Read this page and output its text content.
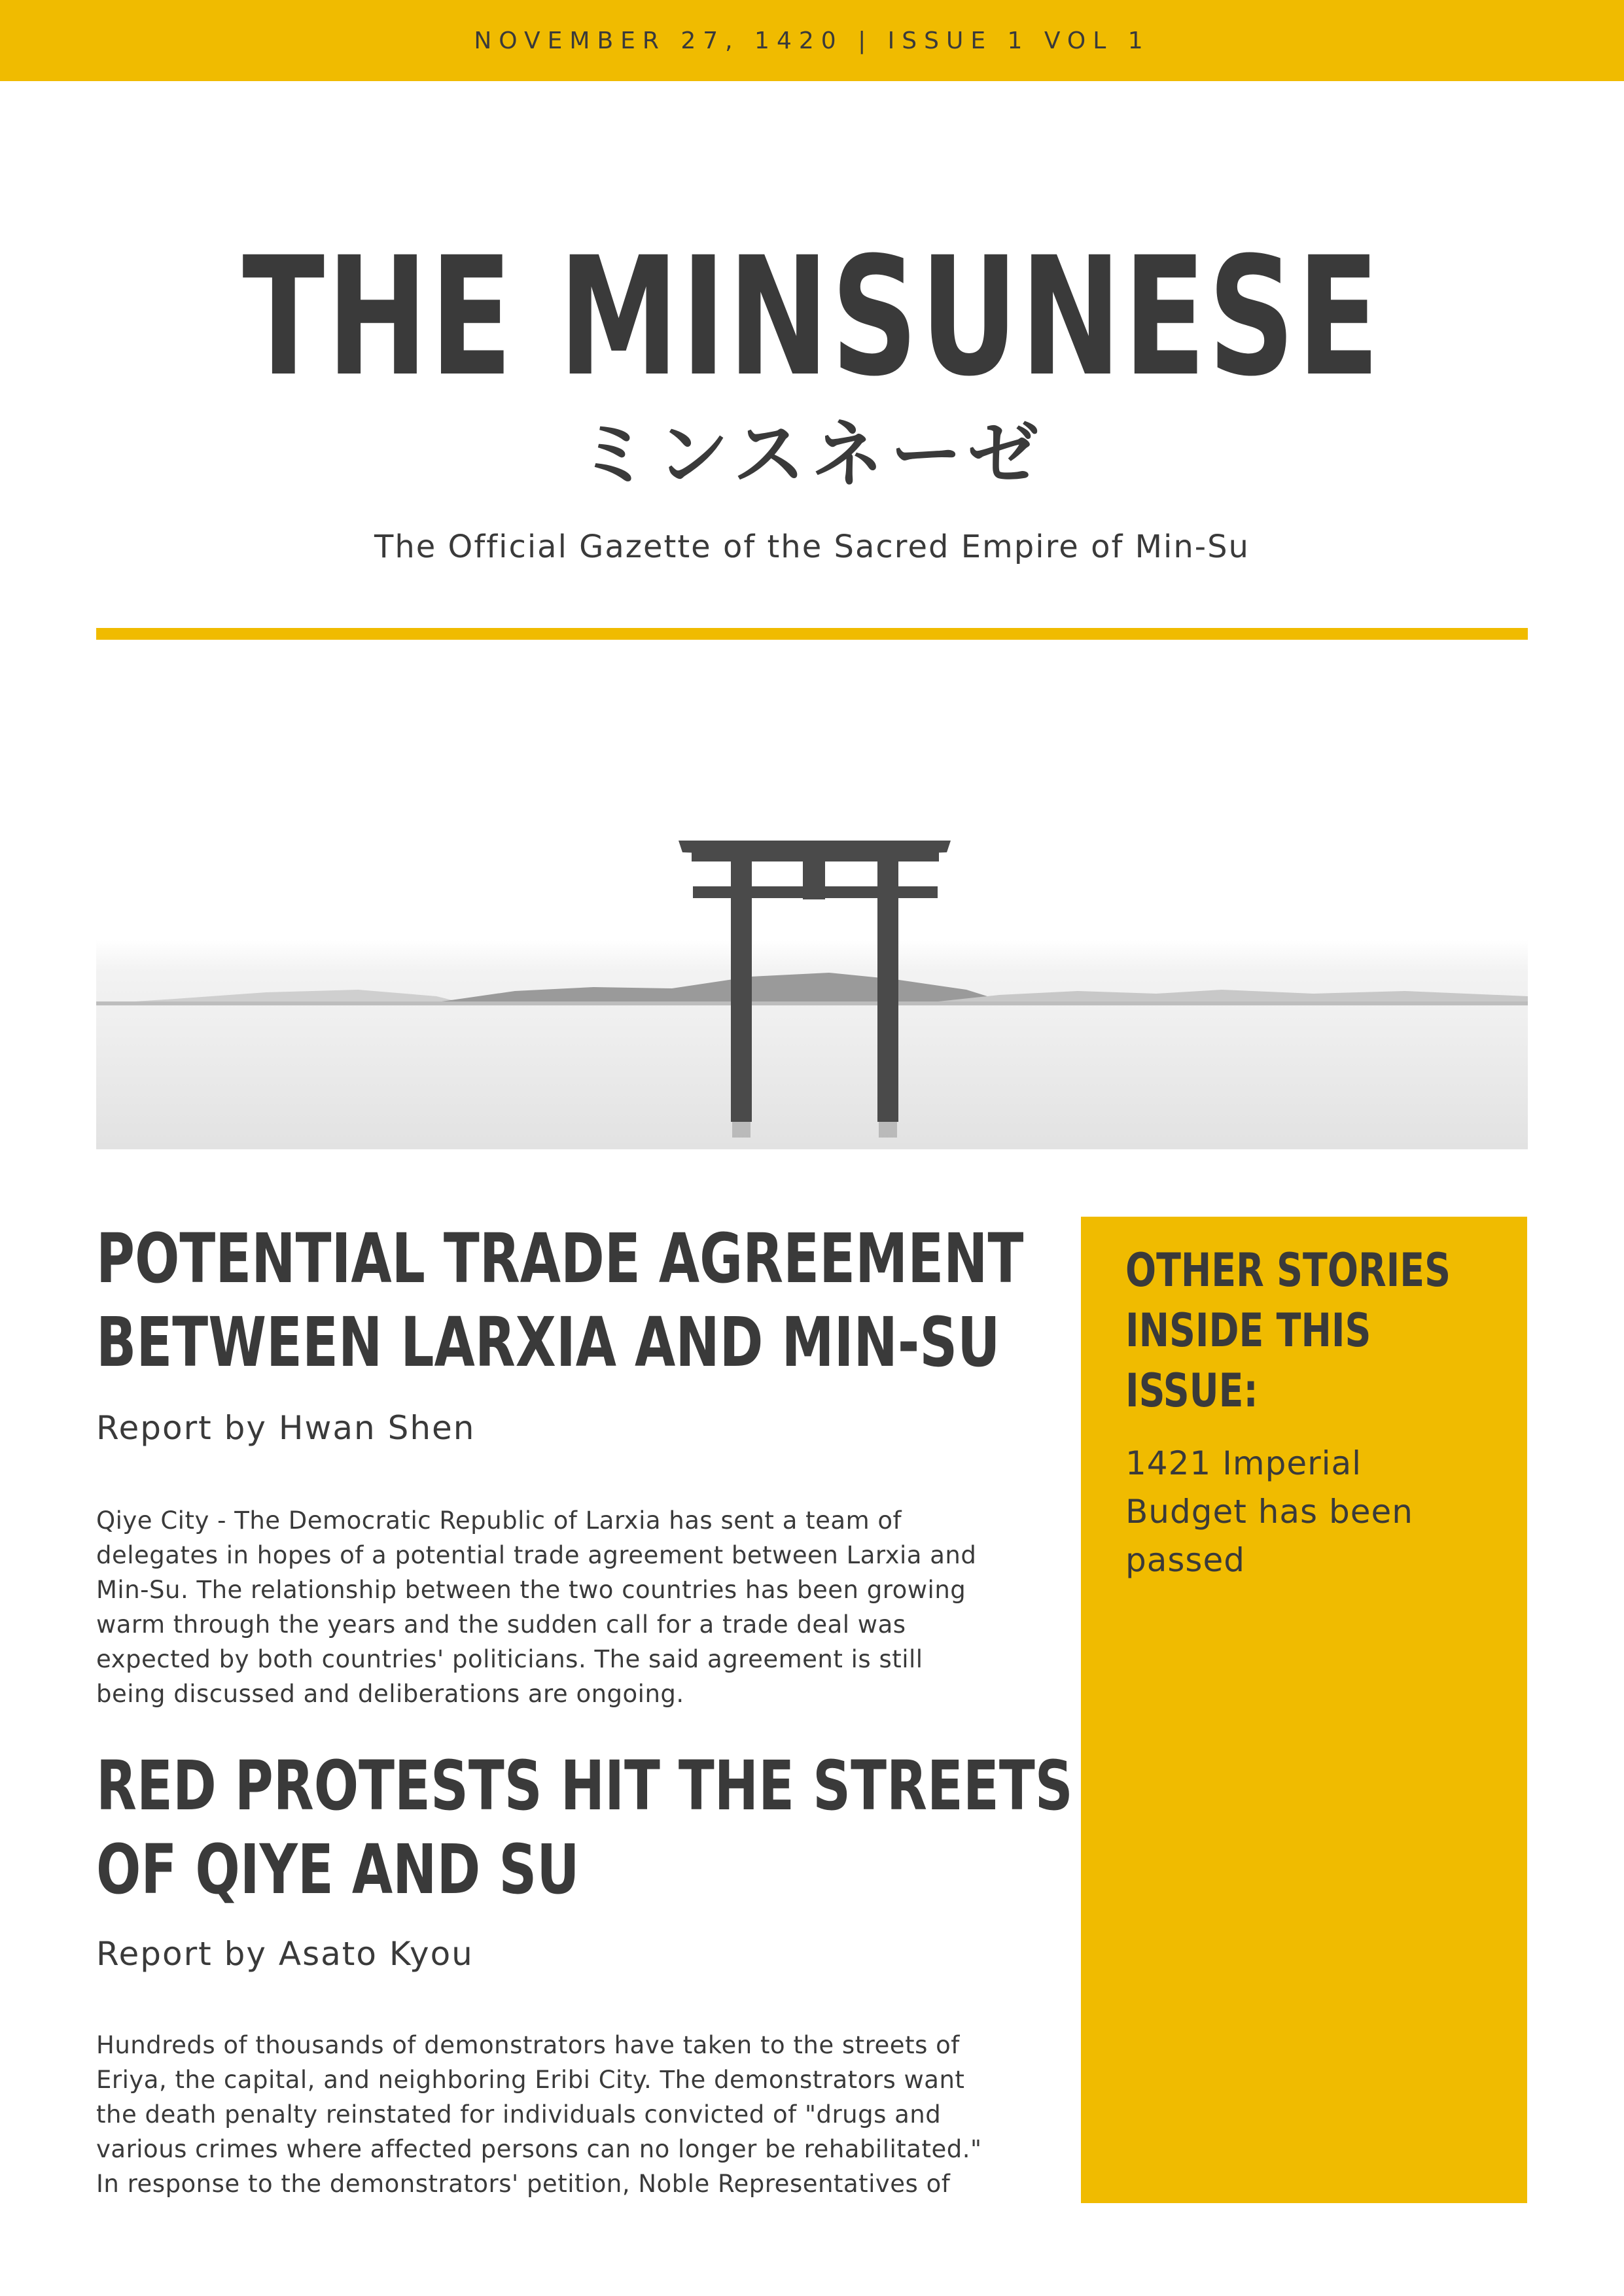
NOVEMBER 27, 1420 | ISSUE 1 VOL 1
THE MINSUNESE
ミンスネーゼ
The Official Gazette of the Sacred Empire of Min-Su
POTENTIAL TRADE AGREEMENT
BETWEEN LARXIA AND MIN-SU
Report by Hwan Shen
Qiye City - The Democratic Republic of Larxia has sent a team of
delegates in hopes of a potential trade agreement between Larxia and
Min-Su. The relationship between the two countries has been growing
warm through the years and the sudden call for a trade deal was
expected by both countries' politicians. The said agreement is still
being discussed and deliberations are ongoing.
RED PROTESTS HIT THE STREETS
OF QIYE AND SU
Report by Asato Kyou
Hundreds of thousands of demonstrators have taken to the streets of
Eriya, the capital, and neighboring Eribi City. The demonstrators want
the death penalty reinstated for individuals convicted of "drugs and
various crimes where affected persons can no longer be rehabilitated."
In response to the demonstrators' petition, Noble Representatives of
OTHER STORIES
INSIDE THIS
ISSUE:
1421 Imperial
Budget has been
passed
